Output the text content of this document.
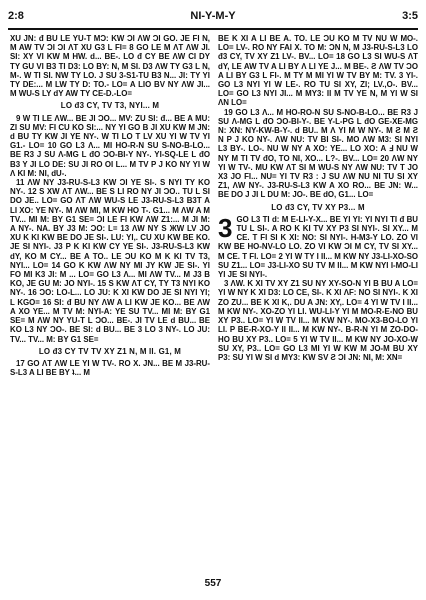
2:8	NI-Y-M-Y	3:5

XU JN: đ BU LE YU-T MƆ: KW ƆI ΛW ƆI GO. JE FI N, M AW TV ƆI ƆI ΛT XU G3 L FI= 8 GO LE M ΛT ΛW JI. SI: XY VI KW M HW. d... BE-. LO đ CY BE ΛW CI DY TY GU VI B3 TI D3: LO BY: N, M SI. D3 ΛW TY G3 L N, M-. W TI SI. NW TY LO. J SU 3-S1-TU B3 N... JI: TY YI TY DE:... M LW TY D: TO.- LO= A LIO BV NY ΛW JI... M WU-S LY dY AW TY CE-D.-LO=

LO đ3 CY, TV T3, NYI... M

9 W TI LE ΛW... BE JI ƆO... MV: ZU SI: đ... BE A MU: ZI SU MV: FI CU KO SI:... NY YI GO B JI XU KW M JN: d BU TY KW JI YE NY-. W TI LO T LV XU YI W TV YI G1.- LO= 10 GO L3 Λ... MI HO-R-N SU S-NO-B-LO... BE R3 J SU Λ-MG L đO ƆO-BI-Y NY-. YI-SQ-LE L đO B3 Y JI LO DE: SU JI RO OI L... M TV P J KO NY YI W Λ KI M: NI, dU-.

11 ΛW NY J3-RU-S-L3 KW ƆI YE SI-. S NYI TY KO NY-. 12 S XW ΛT ΛW... BE S LI RO NY JI ƆO.. TU L SI DO JE.. LO= GO ΛT ΛW WU-S LE J3-RU-S-L3 B3T A LI XO: YE NY-. M ΛW MI, M KW HO T-. G1... M ΛW A M TV... MI M: BY G1 SE= ƆI LE FI KW ΛW Z1:... M JI M: A NY-. NA. BY J3 M: ƆO: L= 13 ΛW NY S ЖW LV JO XU K KI KW BE DO JE SI-. LU: YI,. CU XU KW BE KO. JE SI NYI-. J3 P K KI KW CY YE SI-. J3-RU-S-L3 KW dY, KO M CY... BE A TO.. LE ƆU KO M K KI TV T3, NYI... LO= 14 GO K KW ΛW NY MI JY KW JE SI-. YI FO MI K3 JI: M ... LO= GO L3 Λ... MI ΛW TV... M J3 B KO, JE GU M: JO NYI-. 15 S KW ΛT CY, TY T3 NYI KO NY-. 16 ƆO: LO-L... LO JU: K XI KW DO JE SI NYI YI; L KGO= 16 SI: đ BU NY ΛW A LI KW JE KO... BE ΛW A XO YE... M TV M: NYI-A: YE SU TV... MI M: BY G1 SE= M ΛW NY YU-T L ƆO... BE-. JI TV LE d BU... BE KO L3 NY ƆO-. BE SI: d BU... BE 3 LO 3 NY-. LO JU: TV... TV... M: BY G1 SE=

LO đ3 CY TV TV XY Z1 N, M ƖI. G1, M

17 GO ΛT ΛW LE YI W TV-. RO X. JN... BE M J3-RU-S-L3 A LI BE BY ʇ... M

BE K XI A LI BE A. TO. LE ƆU KO M TV NU W MO-. LO= LV-. RO NY FAI X. TO M: ƆN N, M J3-RU-S-L3 LO đ3 CY, TV XY Z1 LV-. BV... LO= 18 GO L3 SI WU-S ΛT dY, LE AW TV A LI BY Λ LI YE J... M BE-. Ƨ ΛW TV ƆO A LI BY G3 L FI-. M TY M MI YI W TV BY M: TV. 3 YI-. GO L3 NYI YI W LE-. RO TU SI XY, ZI; LV.,O-. BV... LO= GO L3 NYI JI... M MY3: ƖI M TV YE N, M YI W SI ΛN LO=

19 GO L3 Λ... M HO-RO-N SU S-NO-B-LO... BE R3 J SU Λ-MG L đO ƆO-BI-Y-. BE Y-L-PG L đO GE-XE-MG N: XN: NY-KW-B-Y-. d BU.. M Λ YI M W NY-. M Ƨ M Ƨ N P J KO NY-. ΛW NU: TV BI SI-. MO ΛW M3: SI NYI L3 BY-. LO-. NU W NY A XO: YE... LO XO: A Ⅎ NU W NY M TI TV đO, TO NI, XO... L?-. BV... LO= 20 ΛW NY YI W TV-. MU KW ΛT SI M WU-S NY ΛW NU: TV T JO X3 JO FI... NU= YI TV R3 : J SU ΛW NU NI TU SI XY Z1, ΛW NY-. J3-RU-S-L3 KW A XO RO... BE JN: W... BE DO J JI L DU M: JO-. BE dO, G1... LO=

LO đ3 CY, TV XY P3... M

3 GO L3 TI d: M E-LI-Y-X... BE YI YI: YI NYI TI đ BU TU L SI-. A RO K KI TV XY P3 SI NYI-. SI XY... M CE. T FI SI K XI: NO: SI NYI-. H-M3-Y LO. ZO VI KW BE HO-NV-LO LO. ZO VI KW ƆI M CY, TV SI XY... M CE. T FI. LO= 2 YI W TY I ƖI... M KW NY J3-LI-XO-SO SU Z1... LO= J3-LI-XO SU TV M ƖI... M KW NYI I-MO-LI YI JE SI NYI-.

3 ΛW. K XI TV XY Z1 SU NY XY-SO-N YI B BU A LO= YI W NY K XI D3: LO CE, SI-. K XI ΛF: NO SI NYI-. K XI ZO ZU... BE K XI K,. DU A JN: XY,. LO= 4 YI W TV I ƖI... M KW NY-. XO-ZO YI LI. WU-LI-Y YI M MO-R-E-NO BU XY P3.. LO= YI W TV ƖI... M KW NY-. MO-X3-BO-LO YI LI. P BE-R-XO-Y ƖI ƖI... M KW NY-. B-R-N YI M ZO-DO-HO BU XY P3.. LO= 5 YI W TV ƖI... M KW NY JO-XO-W SU XY, P3.. LO= GO L3 MI YI W KW M JO-M BU XY P3: SU YI W SI d MY3: KW SV Ƨ ƆI JN: NI, M: XN=

557
